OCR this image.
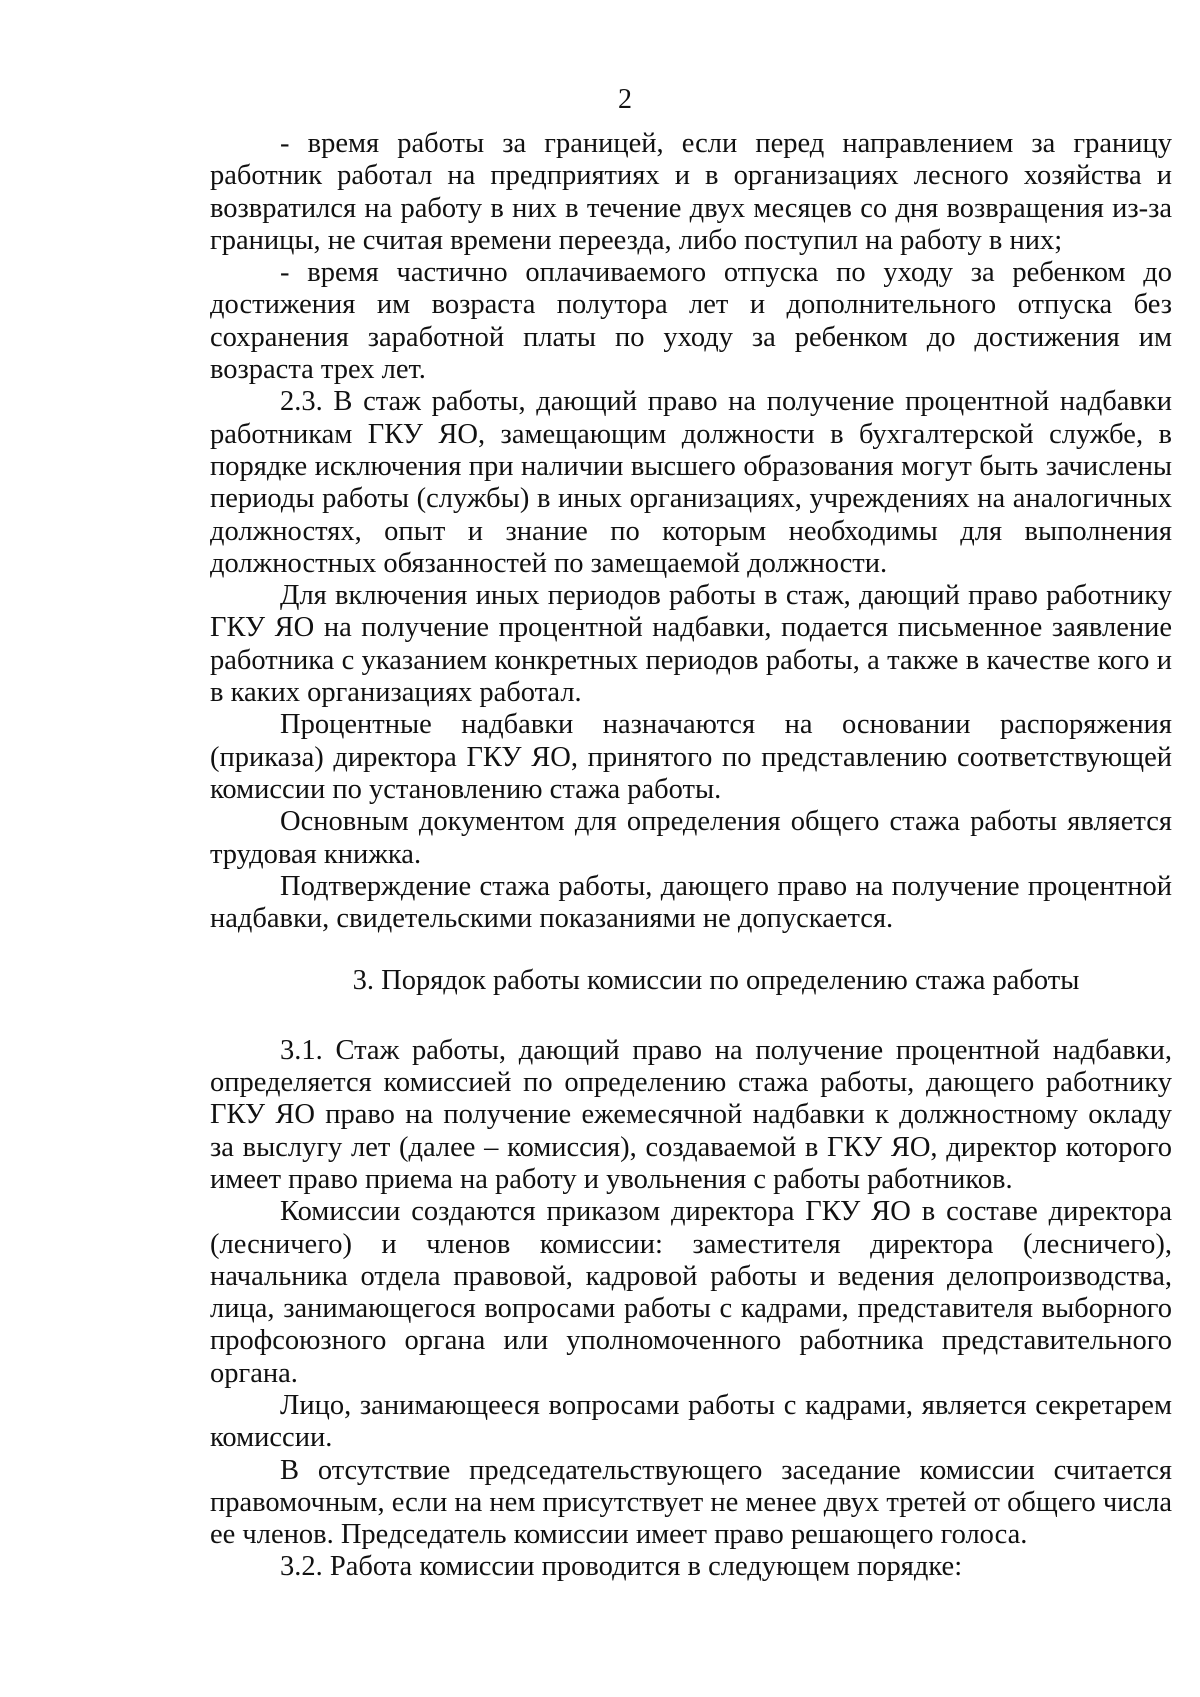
2

- время работы за границей, если перед направлением за границу работник работал на предприятиях и в организациях лесного хозяйства и возвратился на работу в них в течение двух месяцев со дня возвращения из-за границы, не считая времени переезда, либо поступил на работу в них;

- время частично оплачиваемого отпуска по уходу за ребенком до достижения им возраста полутора лет и дополнительного отпуска без сохранения заработной платы по уходу за ребенком до достижения им возраста трех лет.

2.3. В стаж работы, дающий право на получение процентной надбавки работникам ГКУ ЯО, замещающим должности в бухгалтерской службе, в порядке исключения при наличии высшего образования могут быть зачислены периоды работы (службы) в иных организациях, учреждениях на аналогичных должностях, опыт и знание по которым необходимы для выполнения должностных обязанностей по замещаемой должности.

Для включения иных периодов работы в стаж, дающий право работнику ГКУ ЯО на получение процентной надбавки, подается письменное заявление работника с указанием конкретных периодов работы, а также в качестве кого и в каких организациях работал.

Процентные надбавки назначаются на основании распоряжения (приказа) директора ГКУ ЯО, принятого по представлению соответствующей комиссии по установлению стажа работы.

Основным документом для определения общего стажа работы является трудовая книжка.

Подтверждение стажа работы, дающего право на получение процентной надбавки, свидетельскими показаниями не допускается.

3. Порядок работы комиссии по определению стажа работы

3.1. Стаж работы, дающий право на получение процентной надбавки, определяется комиссией по определению стажа работы, дающего работнику ГКУ ЯО право на получение ежемесячной надбавки к должностному окладу за выслугу лет (далее – комиссия), создаваемой в ГКУ ЯО, директор которого имеет право приема на работу и увольнения с работы работников.

Комиссии создаются приказом директора ГКУ ЯО в составе директора (лесничего) и членов комиссии: заместителя директора (лесничего), начальника отдела правовой, кадровой работы и ведения делопроизводства, лица, занимающегося вопросами работы с кадрами, представителя выборного профсоюзного органа или уполномоченного работника представительного органа.

Лицо, занимающееся вопросами работы с кадрами, является секретарем комиссии.

В отсутствие председательствующего заседание комиссии считается правомочным, если на нем присутствует не менее двух третей от общего числа ее членов. Председатель комиссии имеет право решающего голоса.

3.2. Работа комиссии проводится в следующем порядке:
